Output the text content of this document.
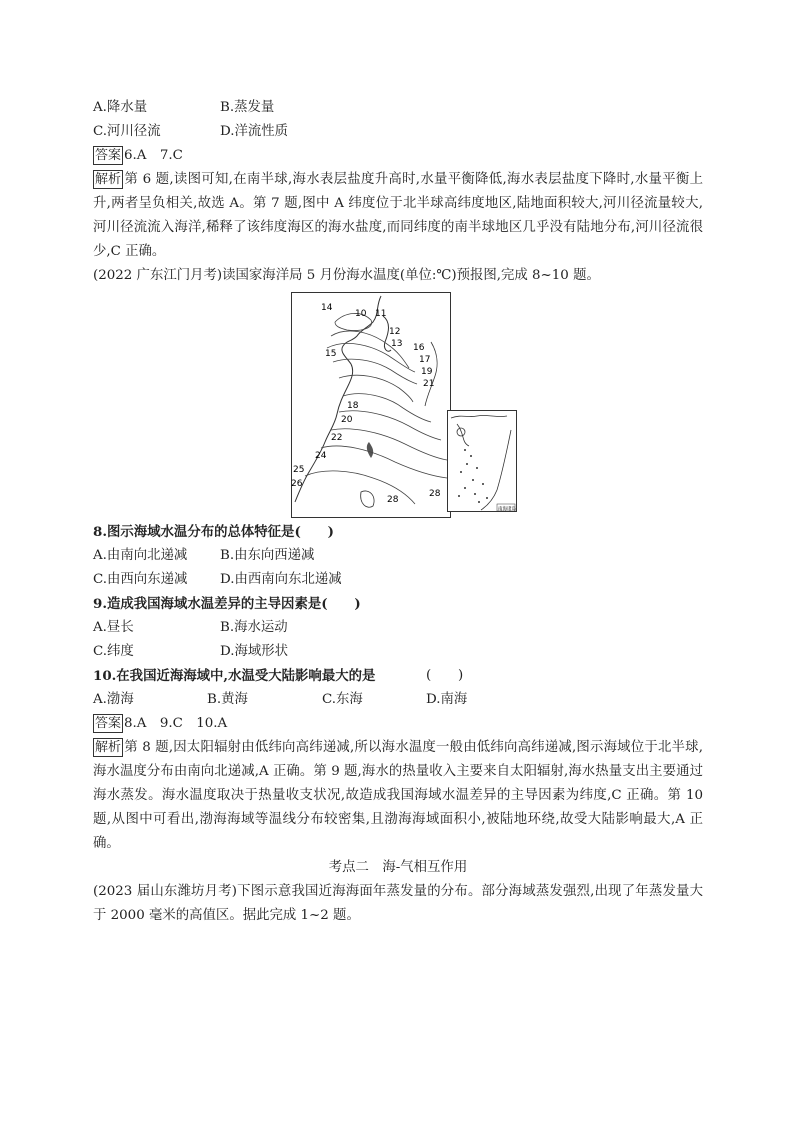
A.降水量	B.蒸发量
C.河川径流	D.洋流性质
答案 6.A　7.C
解析 第 6 题,读图可知,在南半球,海水表层盐度升高时,水量平衡降低,海水表层盐度下降时,水量平衡上升,两者呈负相关,故选 A。第 7 题,图中 A 纬度位于北半球高纬度地区,陆地面积较大,河川径流量较大,河川径流流入海洋,稀释了该纬度海区的海水盐度,而同纬度的南半球地区几乎没有陆地分布,河川径流很少,C 正确。
(2022 广东江门月考)读国家海洋局 5 月份海水温度(单位:℃)预报图,完成 8~10 题。
14
10 11
12
13 16
15
17
19
21
18
20
22
24
25
26
28
28
南海诸岛
8.图示海域水温分布的总体特征是(　　)
A.由南向北递减 B.由东向西递减
C.由西向东递减 D.由西南向东北递减
9.造成我国海域水温差异的主导因素是(　　)
A.昼长	B.海水运动
C.纬度	D.海域形状
10.在我国近海海域中,水温受大陆影响最大的是	(　　)
A.渤海	B.黄海	C.东海	D.南海
答案 8.A　9.C　10.A
解析 第 8 题,因太阳辐射由低纬向高纬递减,所以海水温度一般由低纬向高纬递减,图示海域位于北半球,海水温度分布由南向北递减,A 正确。第 9 题,海水的热量收入主要来自太阳辐射,海水热量支出主要通过海水蒸发。海水温度取决于热量收支状况,故造成我国海域水温差异的主导因素为纬度,C 正确。第 10 题,从图中可看出,渤海海域等温线分布较密集,且渤海海域面积小,被陆地环绕,故受大陆影响最大,A 正确。
考点二　海-气相互作用
(2023 届山东潍坊月考)下图示意我国近海海面年蒸发量的分布。部分海域蒸发强烈,出现了年蒸发量大于 2000 毫米的高值区。据此完成 1~2 题。
